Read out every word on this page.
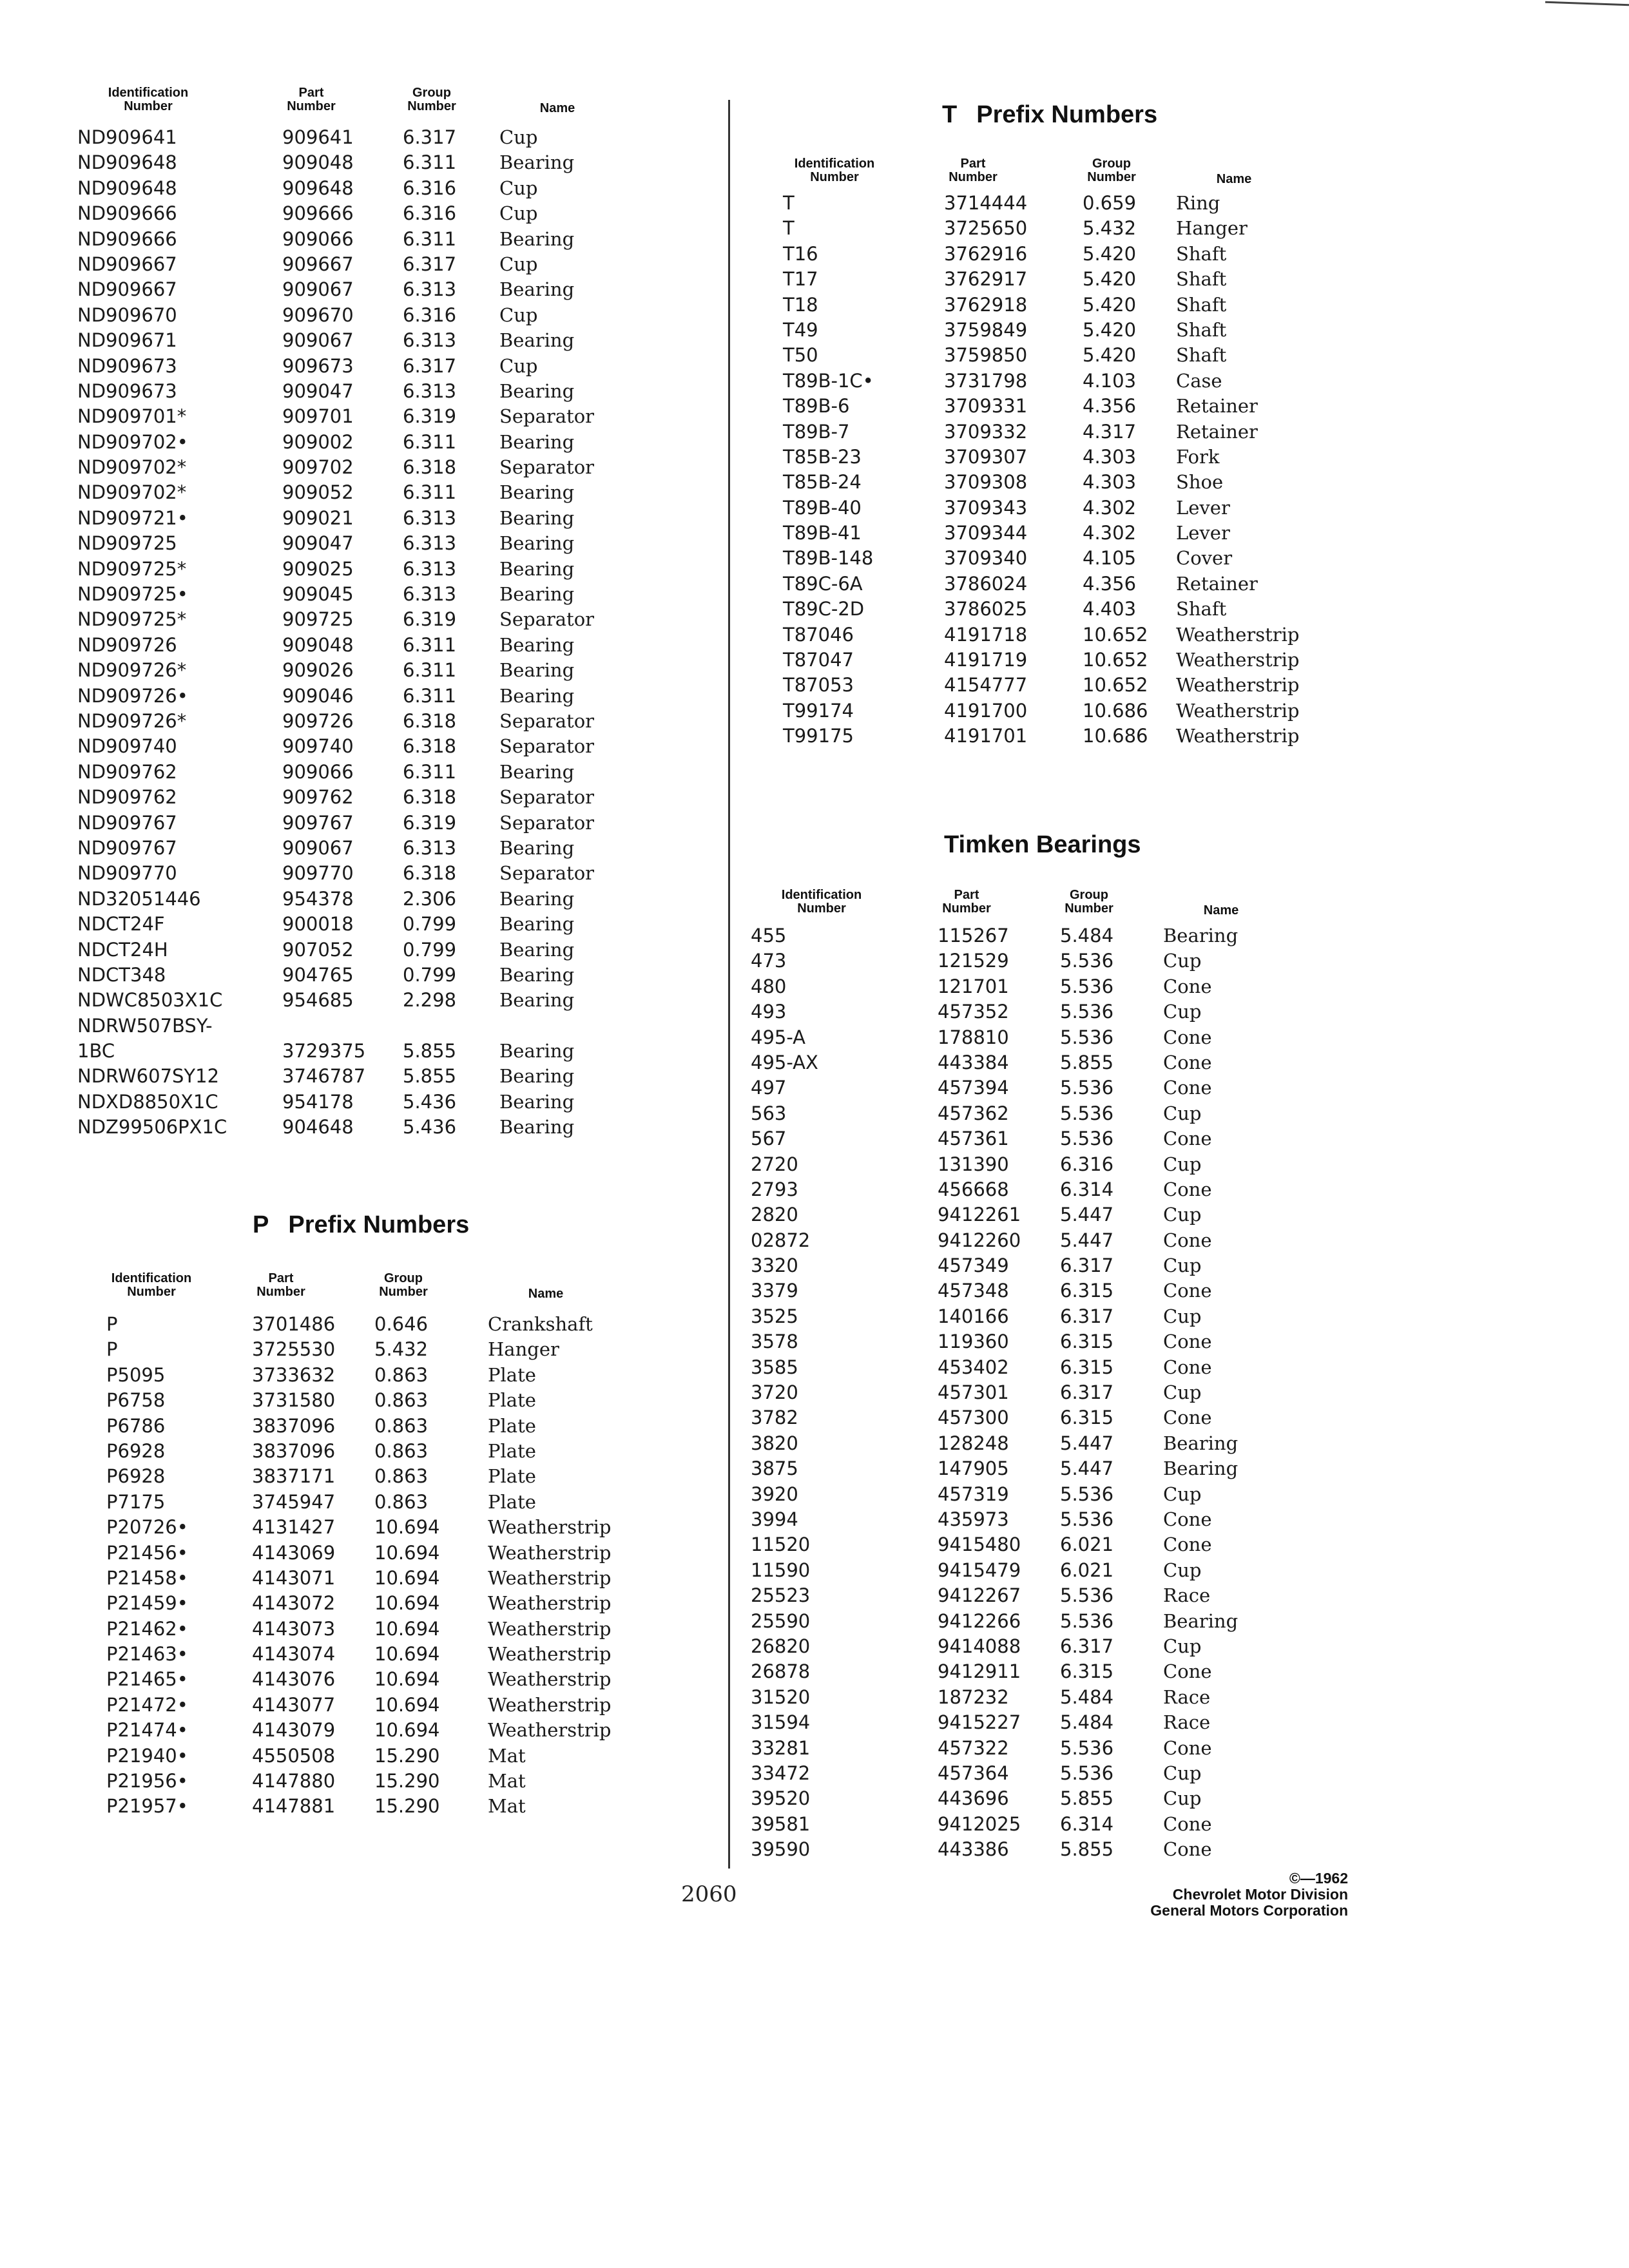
Identification
Number
Part
Number
Group
Number	Name
ND909641	909641	6.317 Cup
ND909648	909048	6.311 Bearing
ND909648	909648	6.316 Cup
ND909666	909666	6.316 Cup
ND909666	909066	6.311 Bearing
ND909667	909667	6.317 Cup
ND909667	909067	6.313 Bearing
ND909670	909670	6.316 Cup
ND909671	909067	6.313 Bearing
ND909673	909673	6.317 Cup
ND909673	909047	6.313 Bearing
ND909701*	909701	6.319 Separator
ND909702•	909002	6.311 Bearing
ND909702*	909702	6.318 Separator
ND909702*	909052	6.311 Bearing
ND909721•	909021	6.313 Bearing
ND909725	909047	6.313 Bearing
ND909725*	909025	6.313 Bearing
ND909725•	909045	6.313 Bearing
ND909725*	909725	6.319 Separator
ND909726	909048	6.311 Bearing
ND909726*	909026	6.311 Bearing
ND909726•	909046	6.311 Bearing
ND909726*	909726	6.318 Separator
ND909740	909740	6.318 Separator
ND909762	909066	6.311 Bearing
ND909762	909762	6.318 Separator
ND909767	909767	6.319 Separator
ND909767	909067	6.313 Bearing
ND909770	909770	6.318 Separator
ND32051446	954378	2.306 Bearing
NDCT24F	900018	0.799 Bearing
NDCT24H	907052	0.799 Bearing
NDCT348	904765	0.799 Bearing
NDWC8503X1C	954685	2.298 Bearing
NDRW507BSY-
1BC	3729375 5.855 Bearing
NDRW607SY12	3746787 5.855 Bearing
NDXD8850X1C	954178	5.436 Bearing
NDZ99506PX1C	904648	5.436 Bearing
P Prefix Numbers
Identification
Number
Part
Number
Group
Number	Name
P	3701486 0.646	Crankshaft
P	3725530 5.432	Hanger
P5095	3733632 0.863	Plate
P6758	3731580 0.863	Plate
P6786	3837096 0.863	Plate
P6928	3837096 0.863	Plate
P6928	3837171 0.863	Plate
P7175	3745947 0.863	Plate
P20726•	4131427 10.694	Weatherstrip
P21456•	4143069 10.694	Weatherstrip
P21458•	4143071 10.694	Weatherstrip
P21459•	4143072 10.694	Weatherstrip
P21462•	4143073 10.694	Weatherstrip
P21463•	4143074 10.694	Weatherstrip
P21465•	4143076 10.694	Weatherstrip
P21472•	4143077 10.694	Weatherstrip
P21474•	4143079 10.694	Weatherstrip
P21940•	4550508 15.290	Mat
P21956•	4147880 15.290	Mat
P21957•	4147881 15.290	Mat
T Prefix Numbers
Identification
Number
Part
Number
Group
Number	Name
T	3714444	0.659 Ring
T	3725650	5.432 Hanger
T16	3762916	5.420 Shaft
T17	3762917	5.420 Shaft
T18	3762918	5.420 Shaft
T49	3759849	5.420 Shaft
T50	3759850	5.420 Shaft
T89B-1C•	3731798	4.103 Case
T89B-6	3709331	4.356 Retainer
T89B-7	3709332	4.317 Retainer
T85B-23	3709307	4.303 Fork
T85B-24	3709308	4.303 Shoe
T89B-40	3709343	4.302 Lever
T89B-41	3709344	4.302 Lever
T89B-148	3709340	4.105 Cover
T89C-6A	3786024	4.356 Retainer
T89C-2D	3786025	4.403 Shaft
T87046	4191718	10.652 Weatherstrip
T87047	4191719	10.652 Weatherstrip
T87053	4154777	10.652 Weatherstrip
T99174	4191700	10.686 Weatherstrip
T99175	4191701	10.686 Weatherstrip
Timken Bearings
Identification
Number
Part
Number
Group
Number	Name
455	115267	5.484	Bearing
473	121529	5.536	Cup
480	121701	5.536	Cone
493	457352	5.536	Cup
495-A	178810	5.536	Cone
495-AX	443384	5.855	Cone
497	457394	5.536	Cone
563	457362	5.536	Cup
567	457361	5.536	Cone
2720	131390	6.316	Cup
2793	456668	6.314	Cone
2820	9412261 5.447	Cup
02872	9412260 5.447	Cone
3320	457349	6.317	Cup
3379	457348	6.315	Cone
3525	140166	6.317	Cup
3578	119360	6.315	Cone
3585	453402	6.315	Cone
3720	457301	6.317	Cup
3782	457300	6.315	Cone
3820	128248	5.447	Bearing
3875	147905	5.447	Bearing
3920	457319	5.536	Cup
3994	435973	5.536	Cone
11520	9415480 6.021	Cone
11590	9415479 6.021	Cup
25523	9412267 5.536	Race
25590	9412266 5.536	Bearing
26820	9414088 6.317	Cup
26878	9412911 6.315	Cone
31520	187232	5.484	Race
31594	9415227 5.484	Race
33281	457322	5.536	Cone
33472	457364	5.536	Cup
39520	443696	5.855	Cup
39581	9412025 6.314	Cone
39590	443386	5.855	Cone
2060
©—1962
Chevrolet Motor Division
General Motors Corporation
